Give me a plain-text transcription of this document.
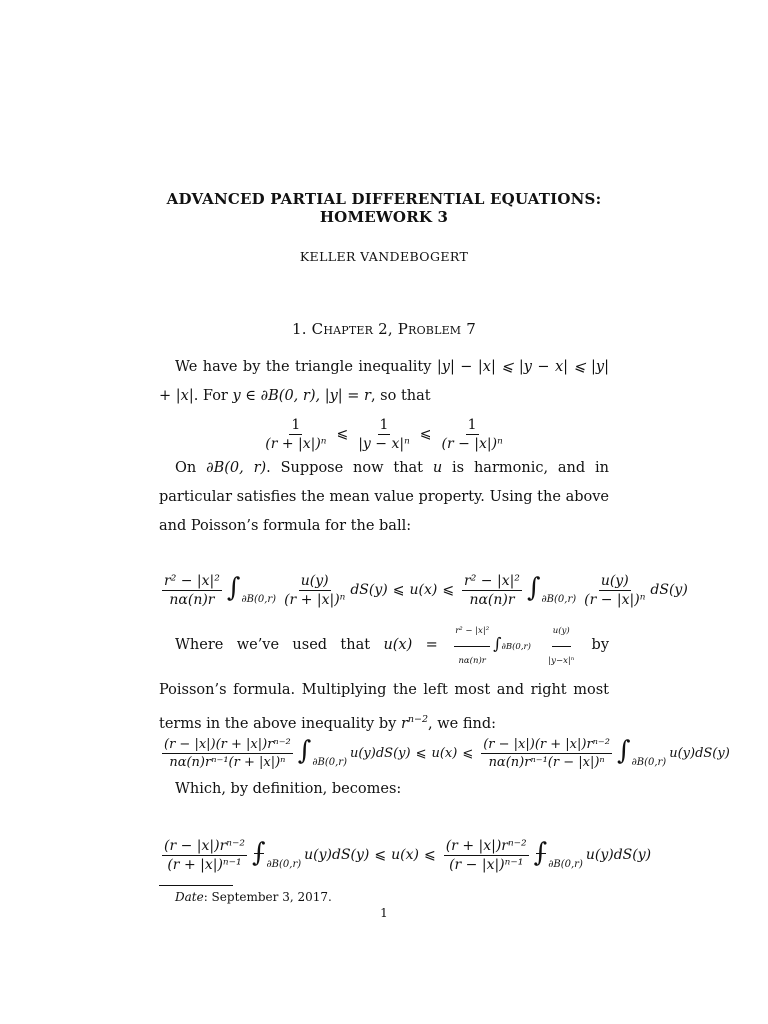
ADVANCED PARTIAL DIFFERENTIAL EQUATIONS:
HOMEWORK 3
KELLER VANDEBOGERT
1. Chapter 2, Problem 7
We have by the triangle inequality |y| − |x| ⩽ |y − x| ⩽ |y| + |x|. For y ∈ ∂B(0, r), |y| = r, so that
$\frac{1}{\text{(r + |x|)ⁿ}}$ ⩽ $\frac{1}{\text{|y − x|ⁿ}}$ ⩽ $\frac{1}{\text{(r − |x|)ⁿ}}$
On ∂B(0, r). Suppose now that u is harmonic, and in particular satisfies the mean value property. Using the above and Poisson’s formula for the ball:
$\frac{\text{r² − |x|²}}{n\alpha(n)r}$ ∫ $\partial B(0,r) \frac{u(y)}{\text{(r + |x|)ⁿ}} dS(y)$ ⩽ u(x) ⩽ $\frac{\text{r² − |x|²}}{n\alpha(n)r}$ ∫ $\partial B(0,r) \frac{u(y)}{\text{(r − |x|)ⁿ}} dS(y)$
Where we’ve used that $u(x) = \frac{\text{r² − |x|²}}{n\alpha(n)r} \int\partial B(0,r) \frac{u(y)}{\text{|y−x|ⁿ}}$ by Poisson’s formula. Multiplying the left most and right most terms in the above inequality by $r^{n-2}$, we find:
$\frac{\text{(r − |x|)(r + |x|)rⁿ⁻²}}{\text{nα(n)rⁿ⁻¹(r + |x|)ⁿ}}$ ∫ ∂B(0,r)
u(y)dS(y) ⩽ u(x) ⩽ $\frac{\text{(r − |x|)(r + |x|)rⁿ⁻²}}{\text{nα(n)rⁿ⁻¹(r − |x|)ⁿ}}$ ∫ ∂B(0,r)
u(y)dS(y)
Which, by definition, becomes:
$\frac{\text{(r − |x|)rⁿ⁻²}}{\text{(r + |x|)ⁿ⁻¹}}$ ∫ ∂B(0,r)
u(y)dS(y) ⩽ u(x) ⩽ $\frac{\text{(r + |x|)rⁿ⁻²}}{\text{(r − |x|)ⁿ⁻¹}}$ ∫ ∂B(0,r)
u(y)dS(y)
Date: September 3, 2017.
1
